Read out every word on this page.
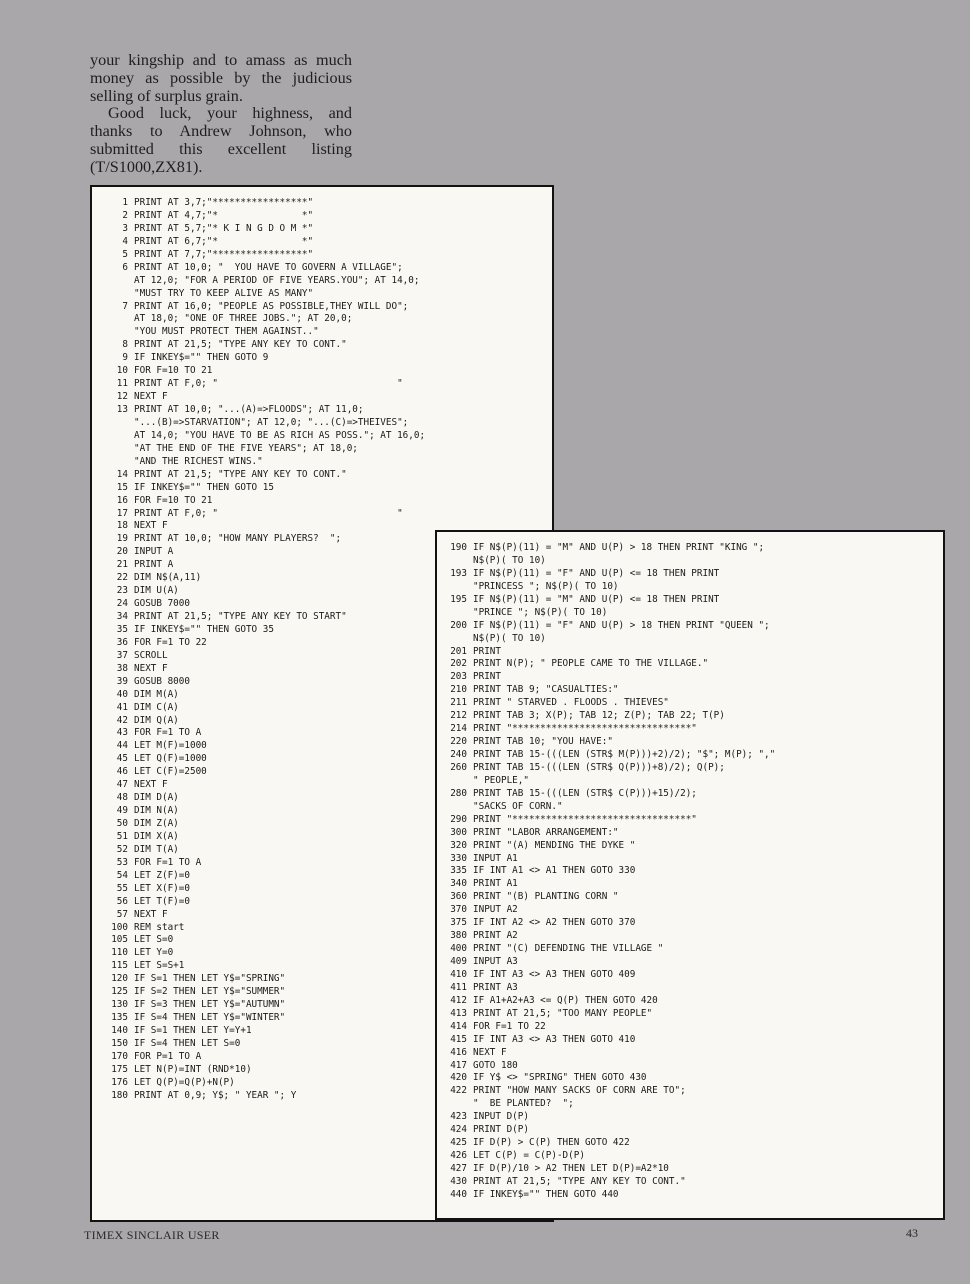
your kingship and to amass as much money as possible by the judicious selling of surplus grain.

Good luck, your highness, and thanks to Andrew Johnson, who submitted this excellent listing (T/S1000,ZX81).

1 PRINT AT 3,7;"*****************"
2 PRINT AT 4,7;"*               *"
3 PRINT AT 5,7;"* K I N G D O M *"
4 PRINT AT 6,7;"*               *"
5 PRINT AT 7,7;"*****************"
6 PRINT AT 10,0; "  YOU HAVE TO GOVERN A VILLAGE";
AT 12,0; "FOR A PERIOD OF FIVE YEARS.YOU"; AT 14,0;
"MUST TRY TO KEEP ALIVE AS MANY"
7 PRINT AT 16,0; "PEOPLE AS POSSIBLE,THEY WILL DO";
AT 18,0; "ONE OF THREE JOBS."; AT 20,0;
"YOU MUST PROTECT THEM AGAINST.."
8 PRINT AT 21,5; "TYPE ANY KEY TO CONT."
9 IF INKEY$="" THEN GOTO 9
10 FOR F=10 TO 21
11 PRINT AT F,0; "                                "
12 NEXT F
13 PRINT AT 10,0; "...(A)=>FLOODS"; AT 11,0;
"...(B)=>STARVATION"; AT 12,0; "...(C)=>THEIVES";
AT 14,0; "YOU HAVE TO BE AS RICH AS POSS."; AT 16,0;
"AT THE END OF THE FIVE YEARS"; AT 18,0;
"AND THE RICHEST WINS."
14 PRINT AT 21,5; "TYPE ANY KEY TO CONT."
15 IF INKEY$="" THEN GOTO 15
16 FOR F=10 TO 21
17 PRINT AT F,0; "                                "
18 NEXT F
19 PRINT AT 10,0; "HOW MANY PLAYERS?  ";
20 INPUT A
21 PRINT A
22 DIM N$(A,11)
23 DIM U(A)
24 GOSUB 7000
34 PRINT AT 21,5; "TYPE ANY KEY TO START"
35 IF INKEY$="" THEN GOTO 35
36 FOR F=1 TO 22
37 SCROLL
38 NEXT F
39 GOSUB 8000
40 DIM M(A)
41 DIM C(A)
42 DIM Q(A)
43 FOR F=1 TO A
44 LET M(F)=1000
45 LET Q(F)=1000
46 LET C(F)=2500
47 NEXT F
48 DIM D(A)
49 DIM N(A)
50 DIM Z(A)
51 DIM X(A)
52 DIM T(A)
53 FOR F=1 TO A
54 LET Z(F)=0
55 LET X(F)=0
56 LET T(F)=0
57 NEXT F
100 REM start
105 LET S=0
110 LET Y=0
115 LET S=S+1
120 IF S=1 THEN LET Y$="SPRING"
125 IF S=2 THEN LET Y$="SUMMER"
130 IF S=3 THEN LET Y$="AUTUMN"
135 IF S=4 THEN LET Y$="WINTER"
140 IF S=1 THEN LET Y=Y+1
150 IF S=4 THEN LET S=0
170 FOR P=1 TO A
175 LET N(P)=INT (RND*10)
176 LET Q(P)=Q(P)+N(P)
180 PRINT AT 0,9; Y$; " YEAR "; Y
190 IF N$(P)(11) = "M" AND U(P) > 18 THEN PRINT "KING ";
N$(P)( TO 10)
193 IF N$(P)(11) = "F" AND U(P) <= 18 THEN PRINT
"PRINCESS "; N$(P)( TO 10)
195 IF N$(P)(11) = "M" AND U(P) <= 18 THEN PRINT
"PRINCE "; N$(P)( TO 10)
200 IF N$(P)(11) = "F" AND U(P) > 18 THEN PRINT "QUEEN ";
N$(P)( TO 10)
201 PRINT
202 PRINT N(P); " PEOPLE CAME TO THE VILLAGE."
203 PRINT
210 PRINT TAB 9; "CASUALTIES:"
211 PRINT " STARVED . FLOODS . THIEVES"
212 PRINT TAB 3; X(P); TAB 12; Z(P); TAB 22; T(P)
214 PRINT "********************************"
220 PRINT TAB 10; "YOU HAVE:"
240 PRINT TAB 15-(((LEN (STR$ M(P)))+2)/2); "$"; M(P); ","
260 PRINT TAB 15-(((LEN (STR$ Q(P)))+8)/2); Q(P);
" PEOPLE,"
280 PRINT TAB 15-(((LEN (STR$ C(P)))+15)/2);
"SACKS OF CORN."
290 PRINT "********************************"
300 PRINT "LABOR ARRANGEMENT:"
320 PRINT "(A) MENDING THE DYKE "
330 INPUT A1
335 IF INT A1 <> A1 THEN GOTO 330
340 PRINT A1
360 PRINT "(B) PLANTING CORN "
370 INPUT A2
375 IF INT A2 <> A2 THEN GOTO 370
380 PRINT A2
400 PRINT "(C) DEFENDING THE VILLAGE "
409 INPUT A3
410 IF INT A3 <> A3 THEN GOTO 409
411 PRINT A3
412 IF A1+A2+A3 <= Q(P) THEN GOTO 420
413 PRINT AT 21,5; "TOO MANY PEOPLE"
414 FOR F=1 TO 22
415 IF INT A3 <> A3 THEN GOTO 410
416 NEXT F
417 GOTO 180
420 IF Y$ <> "SPRING" THEN GOTO 430
422 PRINT "HOW MANY SACKS OF CORN ARE TO";
"  BE PLANTED?  ";
423 INPUT D(P)
424 PRINT D(P)
425 IF D(P) > C(P) THEN GOTO 422
426 LET C(P) = C(P)-D(P)
427 IF D(P)/10 > A2 THEN LET D(P)=A2*10
430 PRINT AT 21,5; "TYPE ANY KEY TO CONT."
440 IF INKEY$="" THEN GOTO 440
TIMEX SINCLAIR USER	43
